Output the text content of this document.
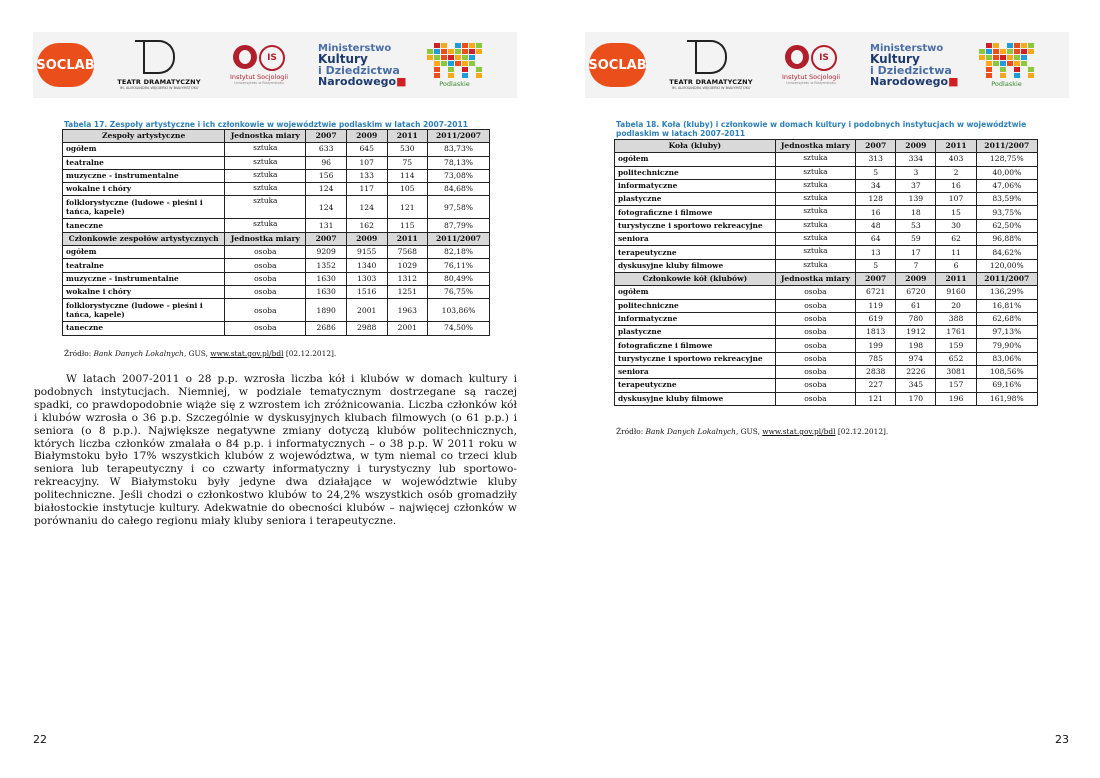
SOCLAB
TEATR DRAMATYCZNY
IM. ALEKSANDRA WĘGIERKI W BIAŁYMSTOKU
IS
Instytut Socjologii
Uniwersytetu w Białymstoku
Ministerstwo
Kultury
i Dziedzictwa
Narodowego■	Podlaskie
Tabela 17. Zespoły artystyczne i ich członkowie w województwie podlaskim w latach 2007-2011
Zespoły artystyczne	Jednostka miary	2007	2009	2011	2011/2007
ogółem	sztuka	633	645	530	83,73%
teatralne	sztuka	96	107	75	78,13%
muzyczne - instrumentalne	sztuka	156	133	114	73,08%
wokalne i chóry	sztuka	124	117	105	84,68%
folklorystyczne (ludowe - pieśni i tańca, kapele)	sztuka	124	124	121	97,58%
taneczne	sztuka	131	162	115	87,79%
Członkowie zespołów artystycznych	Jednostka miary	2007	2009	2011	2011/2007
ogółem	osoba	9209	9155	7568	82,18%
teatralne	osoba	1352	1340	1029	76,11%
muzyczne - instrumentalne	osoba	1630	1303	1312	80,49%
wokalne i chóry	osoba	1630	1516	1251	76,75%
folklorystyczne (ludowe - pieśni i tańca, kapele)	osoba	1890	2001	1963	103,86%
taneczne	osoba	2686	2988	2001	74,50%
Źródło: Bank Danych Lokalnych, GUS, www.stat.gov.pl/bdl [02.12.2012].
W latach 2007-2011 o 28 p.p. wzrosła liczba kół i klubów w domach kultury i podobnych instytucjach. Niemniej, w podziale tematycznym dostrzegane są raczej spadki, co prawdopodobnie wiąże się z wzrostem ich zróżnicowania. Liczba członków kół i klubów wzrosła o 36 p.p. Szczególnie w dyskusyjnych klubach filmowych (o 61 p.p.) i seniora (o 8 p.p.). Największe negatywne zmiany dotyczą klubów politechnicznych, których liczba członków zmalała o 84 p.p. i informatycznych – o 38 p.p. W 2011 roku w Białymstoku było 17% wszystkich klubów z województwa, w tym niemal co trzeci klub seniora lub terapeutyczny i co czwarty informatyczny i turystyczny lub sportowo-rekreacyjny. W Białymstoku były jedyne dwa działające w województwie kluby politechniczne. Jeśli chodzi o członkostwo klubów to 24,2% wszystkich osób gromadziły białostockie instytucje kultury. Adekwatnie do obecności klubów – najwięcej członków w porównaniu do całego regionu miały kluby seniora i terapeutyczne.
22
SOCLAB
TEATR DRAMATYCZNY
IM. ALEKSANDRA WĘGIERKI W BIAŁYMSTOKU
IS
Instytut Socjologii
Uniwersytetu w Białymstoku
Ministerstwo
Kultury
i Dziedzictwa
Narodowego■	Podlaskie
Tabela 18. Koła (kluby) i członkowie w domach kultury i podobnych instytucjach w województwie podlaskim w latach 2007-2011
Koła (kluby)	Jednostka miary	2007	2009	2011	2011/2007
ogółem	sztuka	313	334	403	128,75%
politechniczne	sztuka	5	3	2	40,00%
informatyczne	sztuka	34	37	16	47,06%
plastyczne	sztuka	128	139	107	83,59%
fotograficzne i filmowe	sztuka	16	18	15	93,75%
turystyczne i sportowo rekreacyjne	sztuka	48	53	30	62,50%
seniora	sztuka	64	59	62	96,88%
terapeutyczne	sztuka	13	17	11	84,62%
dyskusyjne kluby filmowe	sztuka	5	7	6	120,00%
Członkowie kół (klubów)	Jednostka miary	2007	2009	2011	2011/2007
ogółem	osoba	6721	6720	9160	136,29%
politechniczne	osoba	119	61	20	16,81%
informatyczne	osoba	619	780	388	62,68%
plastyczne	osoba	1813	1912	1761	97,13%
fotograficzne i filmowe	osoba	199	198	159	79,90%
turystyczne i sportowo rekreacyjne	osoba	785	974	652	83,06%
seniora	osoba	2838	2226	3081	108,56%
terapeutyczne	osoba	227	345	157	69,16%
dyskusyjne kluby filmowe	osoba	121	170	196	161,98%
Źródło: Bank Danych Lokalnych, GUS, www.stat.gov.pl/bdl [02.12.2012].
23
